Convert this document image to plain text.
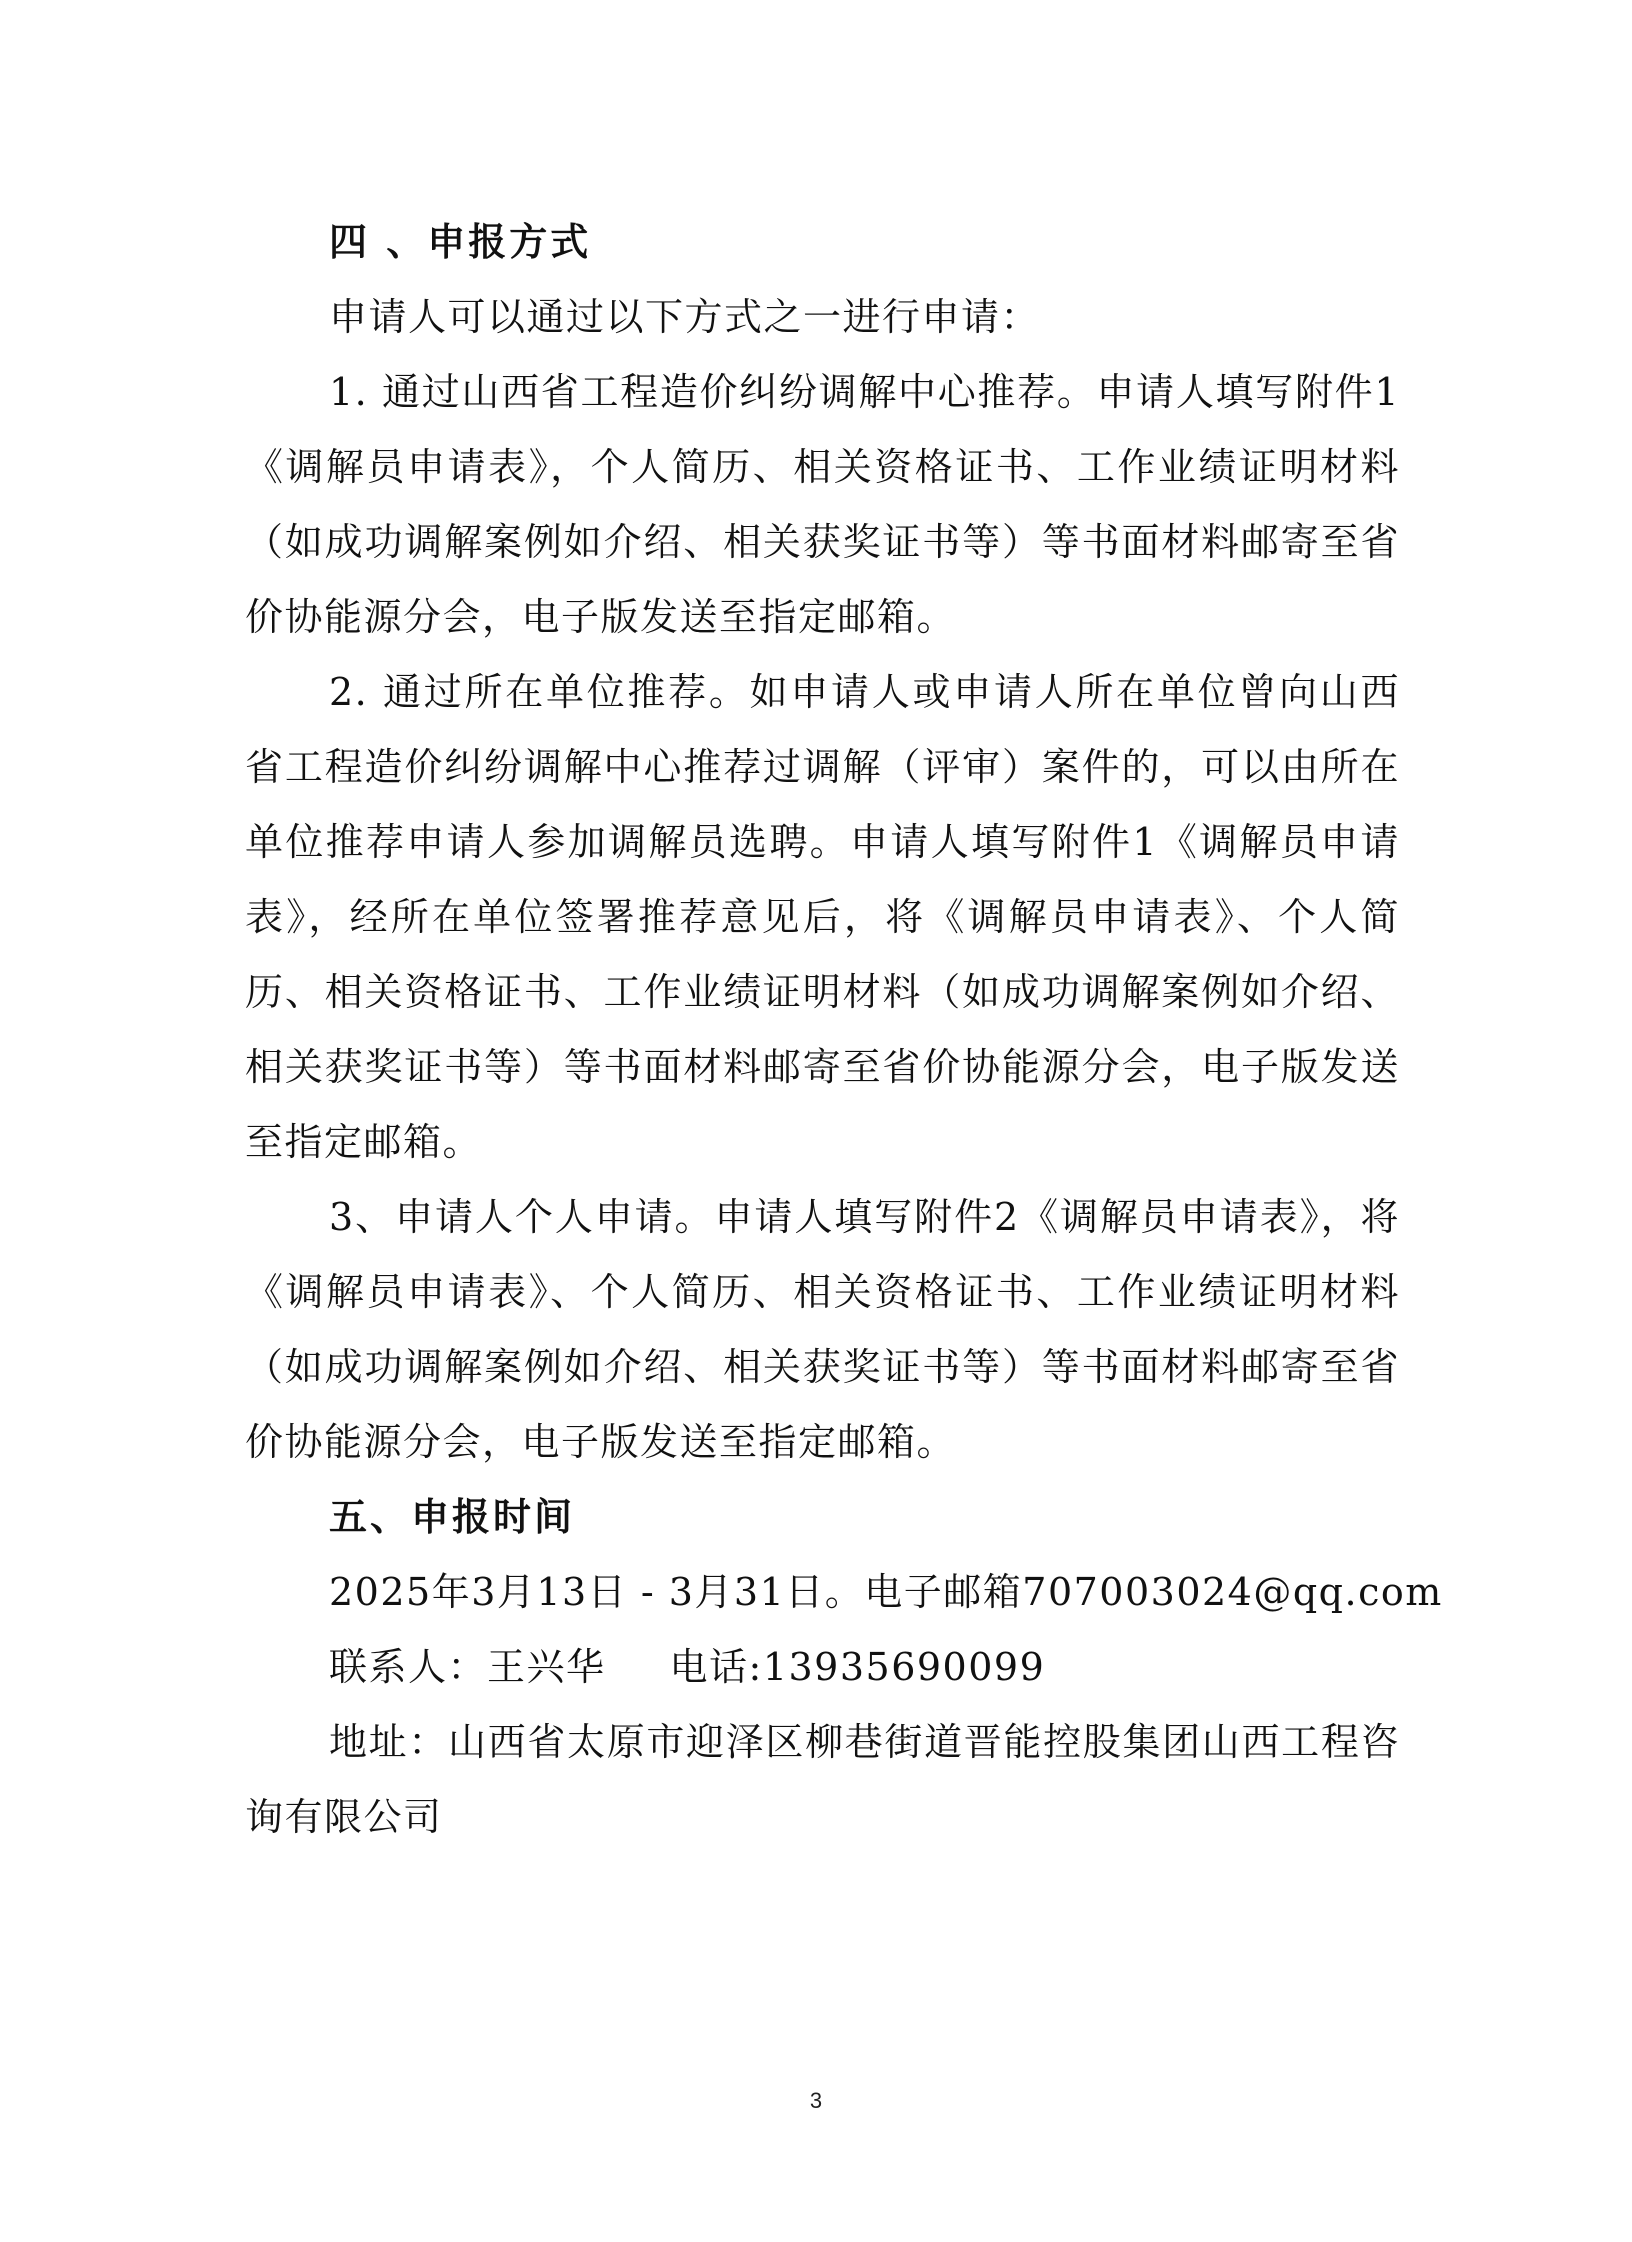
四 、申报方式

申请人可以通过以下方式之一进行申请：

1. 通过山西省工程造价纠纷调解中心推荐。申请人填写附件1《调解员申请表》，个人简历、相关资格证书、工作业绩证明材料（如成功调解案例如介绍、相关获奖证书等）等书面材料邮寄至省价协能源分会，电子版发送至指定邮箱。

2. 通过所在单位推荐。如申请人或申请人所在单位曾向山西省工程造价纠纷调解中心推荐过调解（评审）案件的，可以由所在单位推荐申请人参加调解员选聘。申请人填写附件1《调解员申请表》，经所在单位签署推荐意见后，将《调解员申请表》、个人简历、相关资格证书、工作业绩证明材料（如成功调解案例如介绍、相关获奖证书等）等书面材料邮寄至省价协能源分会，电子版发送至指定邮箱。

3、申请人个人申请。申请人填写附件2《调解员申请表》，将《调解员申请表》、个人简历、相关资格证书、工作业绩证明材料（如成功调解案例如介绍、相关获奖证书等）等书面材料邮寄至省价协能源分会，电子版发送至指定邮箱。

五、申报时间
2025年3月13日 - 3月31日。电子邮箱707003024@qq.com
联系人：王兴华 电话:13935690099

地址：山西省太原市迎泽区柳巷街道晋能控股集团山西工程咨询有限公司

3
